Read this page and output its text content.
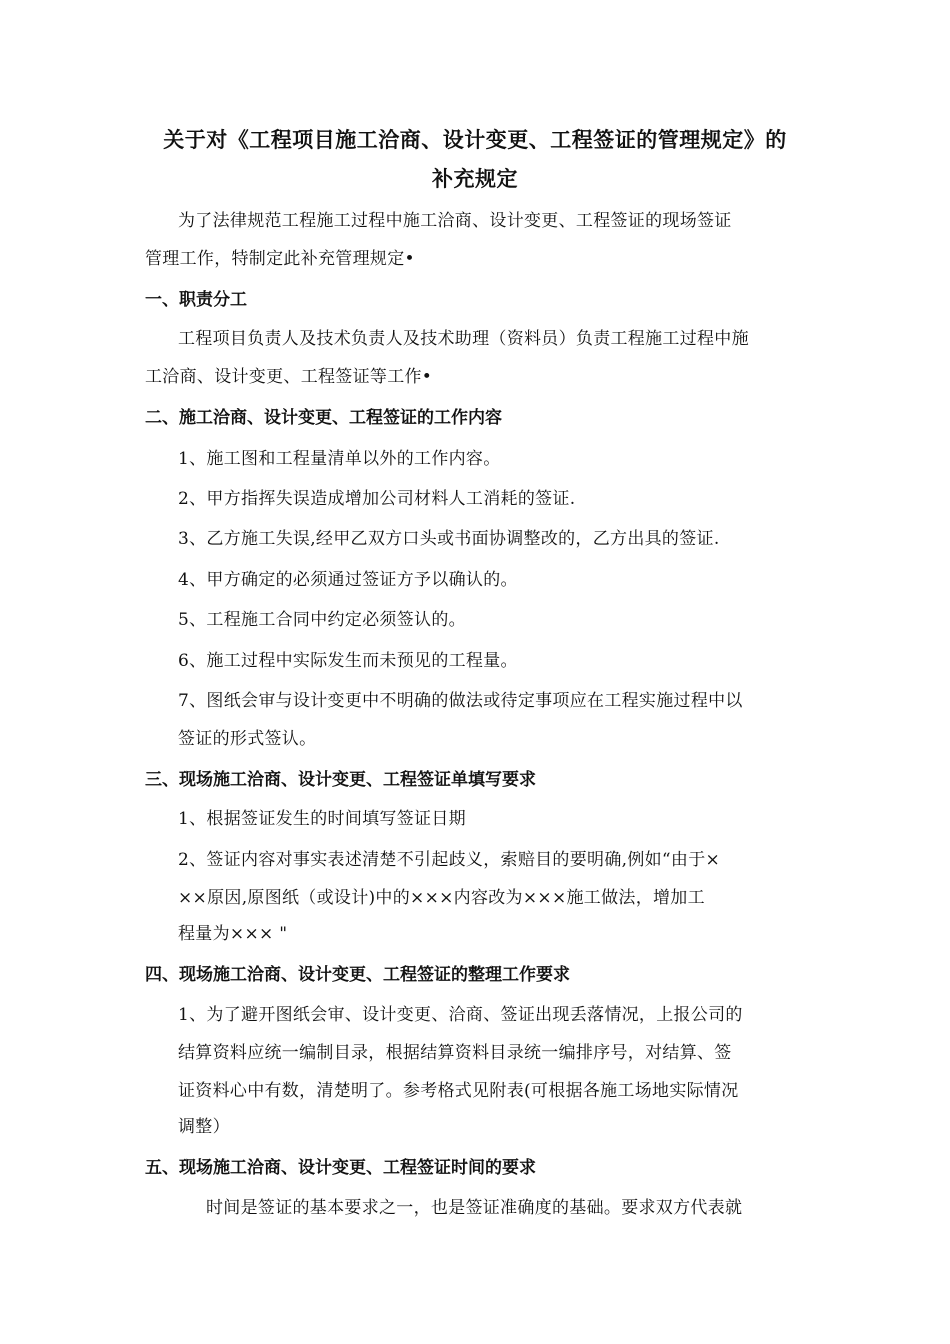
关于对《工程项目施工洽商、设计变更、工程签证的管理规定》的
补充规定
为了法律规范工程施工过程中施工洽商、设计变更、工程签证的现场签证
管理工作，特制定此补充管理规定•
一、职责分工
工程项目负责人及技术负责人及技术助理（资料员）负责工程施工过程中施
工洽商、设计变更、工程签证等工作•
二、施工洽商、设计变更、工程签证的工作内容
1、施工图和工程量清单以外的工作内容。
2、甲方指挥失误造成增加公司材料人工消耗的签证.
3、乙方施工失误,经甲乙双方口头或书面协调整改的，乙方出具的签证.
4、甲方确定的必须通过签证方予以确认的。
5、工程施工合同中约定必须签认的。
6、施工过程中实际发生而未预见的工程量。
7、图纸会审与设计变更中不明确的做法或待定事项应在工程实施过程中以
签证的形式签认。
三、现场施工洽商、设计变更、工程签证单填写要求
1、根据签证发生的时间填写签证日期
2、签证内容对事实表述清楚不引起歧义，索赔目的要明确,例如“由于×
××原因,原图纸（或设计)中的×××内容改为×××施工做法，增加工
程量为××× "
四、现场施工洽商、设计变更、工程签证的整理工作要求
1、为了避开图纸会审、设计变更、洽商、签证出现丢落情况，上报公司的
结算资料应统一编制目录，根据结算资料目录统一编排序号，对结算、签
证资料心中有数，清楚明了。参考格式见附表(可根据各施工场地实际情况
调整）
五、现场施工洽商、设计变更、工程签证时间的要求
时间是签证的基本要求之一，也是签证准确度的基础。要求双方代表就
